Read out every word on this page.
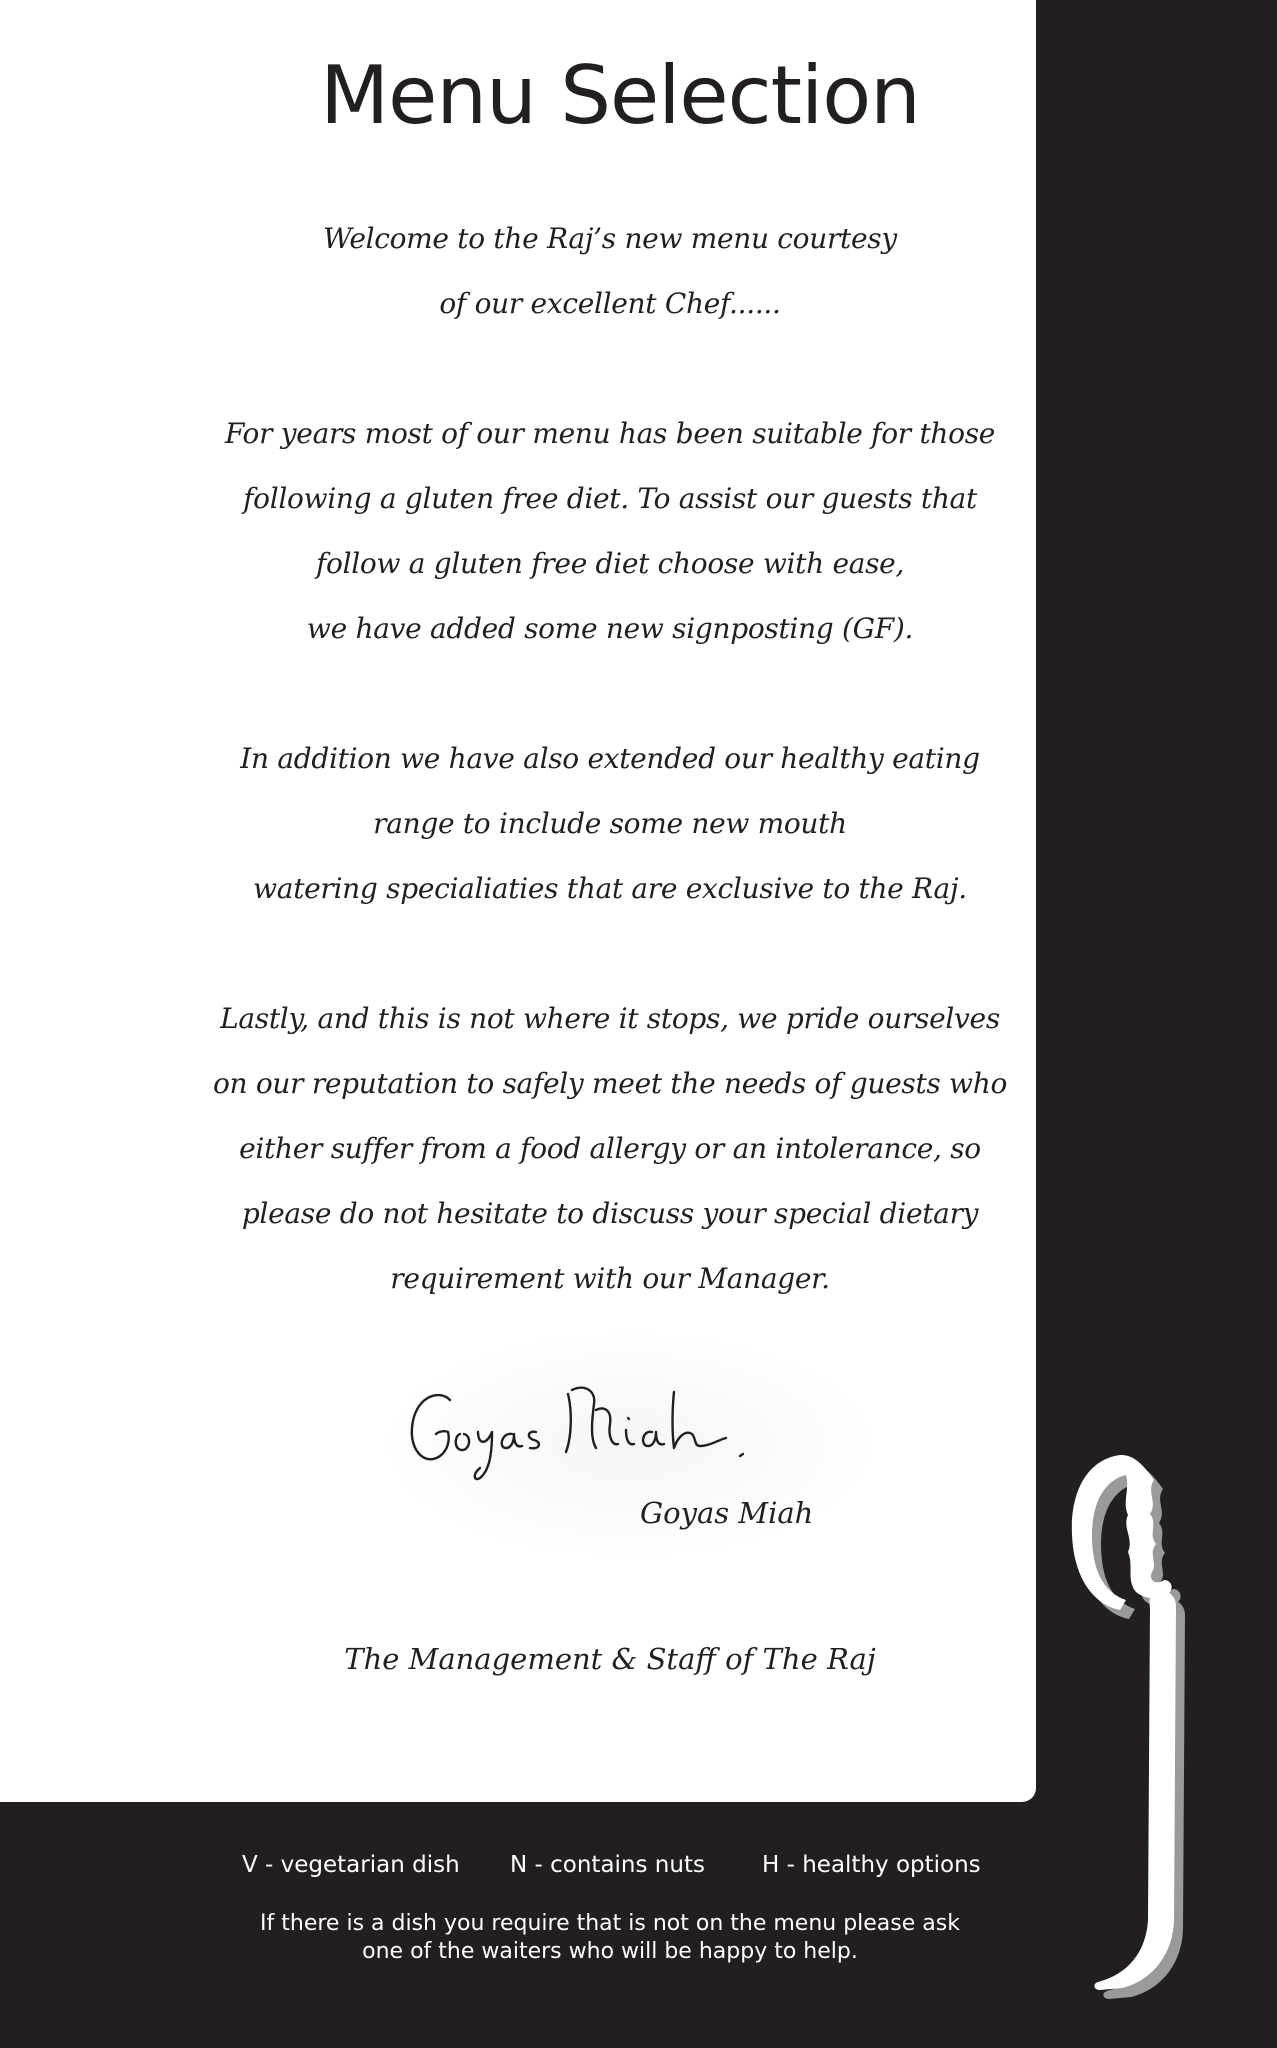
Menu Selection

Welcome to the Raj’s new menu courtesy
of our excellent Chef......

For years most of our menu has been suitable for those
following a gluten free diet. To assist our guests that
follow a gluten free diet choose with ease,
we have added some new signposting (GF).

In addition we have also extended our healthy eating
range to include some new mouth
watering specialiaties that are exclusive to the Raj.

Lastly, and this is not where it stops, we pride ourselves
on our reputation to safely meet the needs of guests who
either suffer from a food allergy or an intolerance, so
please do not hesitate to discuss your special dietary
requirement with our Manager.

Goyas Miah
The Management & Staff of The Raj
V - vegetarian dish N - contains nuts H - healthy options
If there is a dish you require that is not on the menu please ask
one of the waiters who will be happy to help.
